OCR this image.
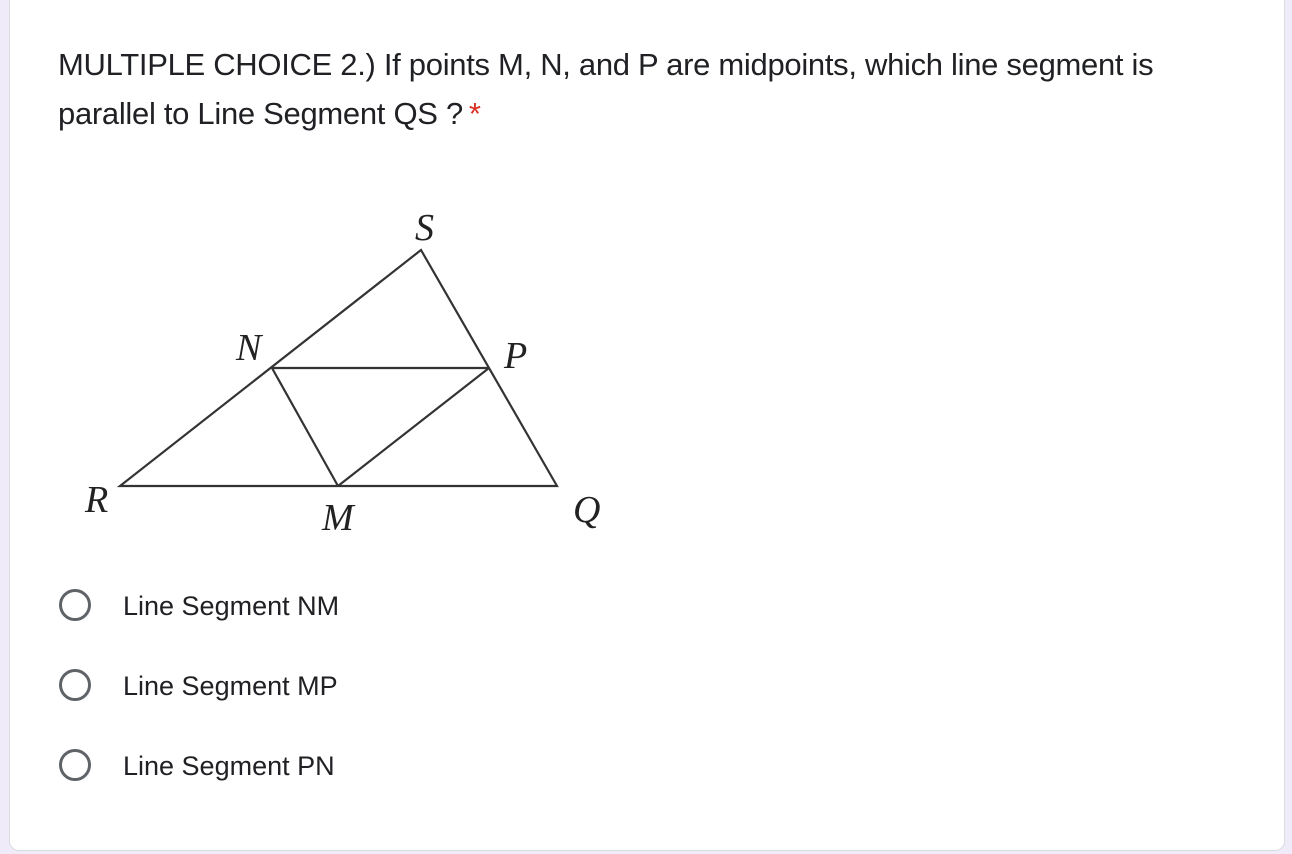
MULTIPLE CHOICE 2.) If points M, N, and P are midpoints, which line segment is parallel to Line Segment QS ? *
S
N	P
R	M	Q
Line Segment NM
Line Segment MP
Line Segment PN
